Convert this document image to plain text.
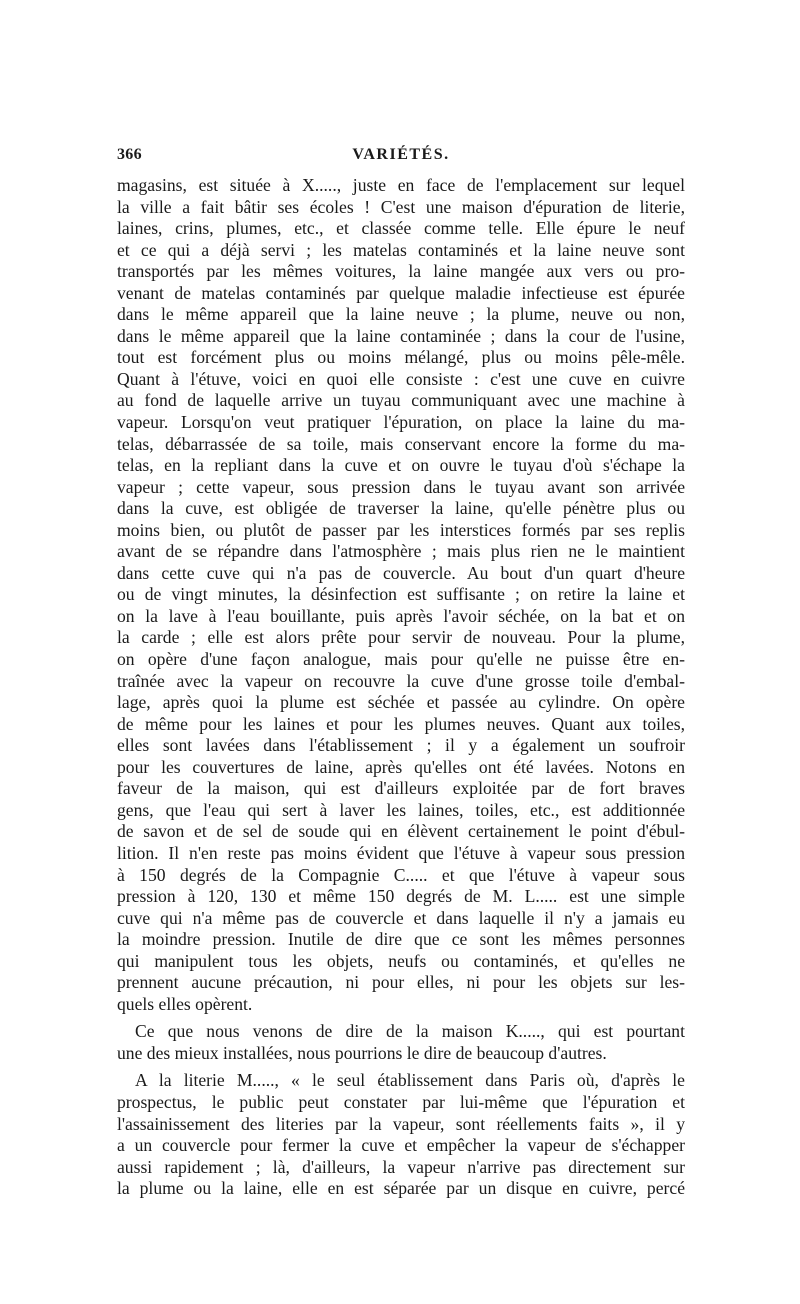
366	VARIÉTÉS.
magasins, est située à X....., juste en face de l'emplacement sur lequel
la ville a fait bâtir ses écoles ! C'est une maison d'épuration de literie,
laines, crins, plumes, etc., et classée comme telle. Elle épure le neuf
et ce qui a déjà servi ; les matelas contaminés et la laine neuve sont
transportés par les mêmes voitures, la laine mangée aux vers ou pro-
venant de matelas contaminés par quelque maladie infectieuse est épurée
dans le même appareil que la laine neuve ; la plume, neuve ou non,
dans le même appareil que la laine contaminée ; dans la cour de l'usine,
tout est forcément plus ou moins mélangé, plus ou moins pêle-mêle.
Quant à l'étuve, voici en quoi elle consiste : c'est une cuve en cuivre
au fond de laquelle arrive un tuyau communiquant avec une machine à
vapeur. Lorsqu'on veut pratiquer l'épuration, on place la laine du ma-
telas, débarrassée de sa toile, mais conservant encore la forme du ma-
telas, en la repliant dans la cuve et on ouvre le tuyau d'où s'échape la
vapeur ; cette vapeur, sous pression dans le tuyau avant son arrivée
dans la cuve, est obligée de traverser la laine, qu'elle pénètre plus ou
moins bien, ou plutôt de passer par les interstices formés par ses replis
avant de se répandre dans l'atmosphère ; mais plus rien ne le maintient
dans cette cuve qui n'a pas de couvercle. Au bout d'un quart d'heure
ou de vingt minutes, la désinfection est suffisante ; on retire la laine et
on la lave à l'eau bouillante, puis après l'avoir séchée, on la bat et on
la carde ; elle est alors prête pour servir de nouveau. Pour la plume,
on opère d'une façon analogue, mais pour qu'elle ne puisse être en-
traînée avec la vapeur on recouvre la cuve d'une grosse toile d'embal-
lage, après quoi la plume est séchée et passée au cylindre. On opère
de même pour les laines et pour les plumes neuves. Quant aux toiles,
elles sont lavées dans l'établissement ; il y a également un soufroir
pour les couvertures de laine, après qu'elles ont été lavées. Notons en
faveur de la maison, qui est d'ailleurs exploitée par de fort braves
gens, que l'eau qui sert à laver les laines, toiles, etc., est additionnée
de savon et de sel de soude qui en élèvent certainement le point d'ébul-
lition. Il n'en reste pas moins évident que l'étuve à vapeur sous pression
à 150 degrés de la Compagnie C..... et que l'étuve à vapeur sous
pression à 120, 130 et même 150 degrés de M. L..... est une simple
cuve qui n'a même pas de couvercle et dans laquelle il n'y a jamais eu
la moindre pression. Inutile de dire que ce sont les mêmes personnes
qui manipulent tous les objets, neufs ou contaminés, et qu'elles ne
prennent aucune précaution, ni pour elles, ni pour les objets sur les-
quels elles opèrent.
Ce que nous venons de dire de la maison K....., qui est pourtant
une des mieux installées, nous pourrions le dire de beaucoup d'autres.
A la literie M....., « le seul établissement dans Paris où, d'après le
prospectus, le public peut constater par lui-même que l'épuration et
l'assainissement des literies par la vapeur, sont réellements faits », il y
a un couvercle pour fermer la cuve et empêcher la vapeur de s'échapper
aussi rapidement ; là, d'ailleurs, la vapeur n'arrive pas directement sur
la plume ou la laine, elle en est séparée par un disque en cuivre, percé
